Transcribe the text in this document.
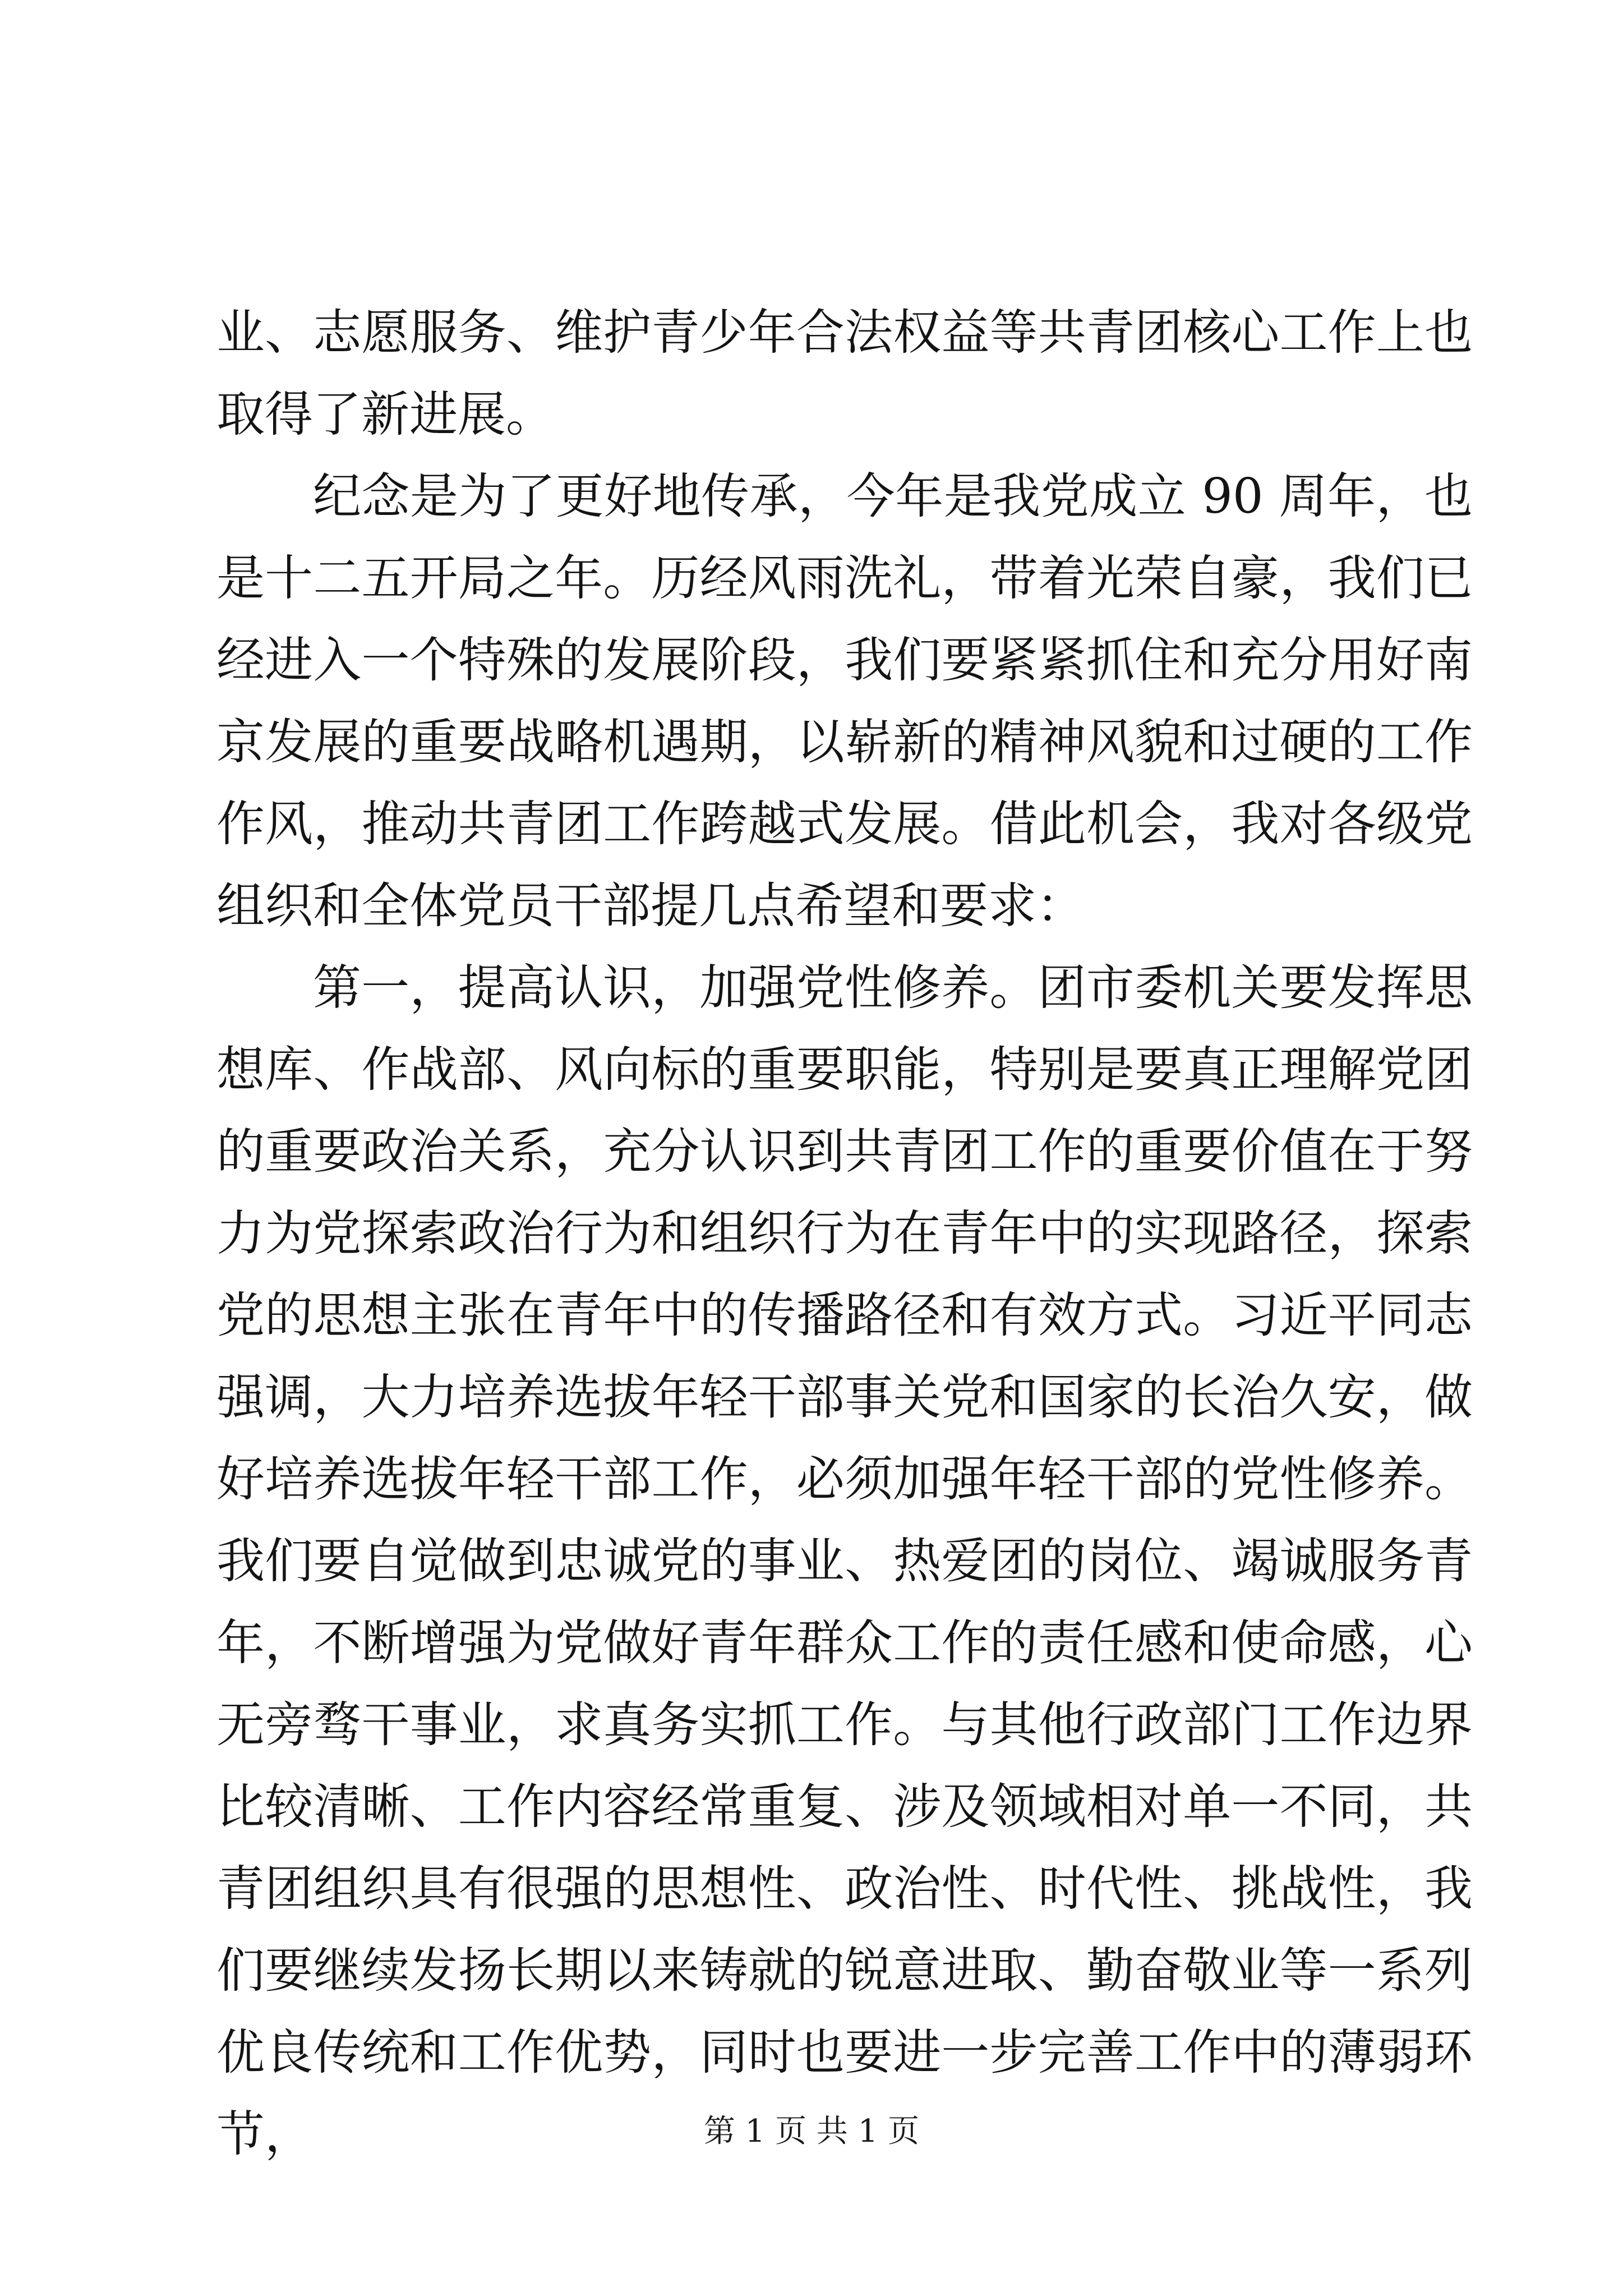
业、志愿服务、维护青少年合法权益等共青团核心工作上也取得了新进展。

纪念是为了更好地传承，今年是我党成立 90 周年，也是十二五开局之年。历经风雨洗礼，带着光荣自豪，我们已经进入一个特殊的发展阶段，我们要紧紧抓住和充分用好南京发展的重要战略机遇期，以崭新的精神风貌和过硬的工作作风，推动共青团工作跨越式发展。借此机会，我对各级党组织和全体党员干部提几点希望和要求：

第一，提高认识，加强党性修养。团市委机关要发挥思想库、作战部、风向标的重要职能，特别是要真正理解党团的重要政治关系，充分认识到共青团工作的重要价值在于努力为党探索政治行为和组织行为在青年中的实现路径，探索党的思想主张在青年中的传播路径和有效方式。习近平同志强调，大力培养选拔年轻干部事关党和国家的长治久安，做好培养选拔年轻干部工作，必须加强年轻干部的党性修养。我们要自觉做到忠诚党的事业、热爱团的岗位、竭诚服务青年，不断增强为党做好青年群众工作的责任感和使命感，心无旁骛干事业，求真务实抓工作。与其他行政部门工作边界比较清晰、工作内容经常重复、涉及领域相对单一不同，共青团组织具有很强的思想性、政治性、时代性、挑战性，我们要继续发扬长期以来铸就的锐意进取、勤奋敬业等一系列优良传统和工作优势，同时也要进一步完善工作中的薄弱环节，	第 1 页 共 1 页
